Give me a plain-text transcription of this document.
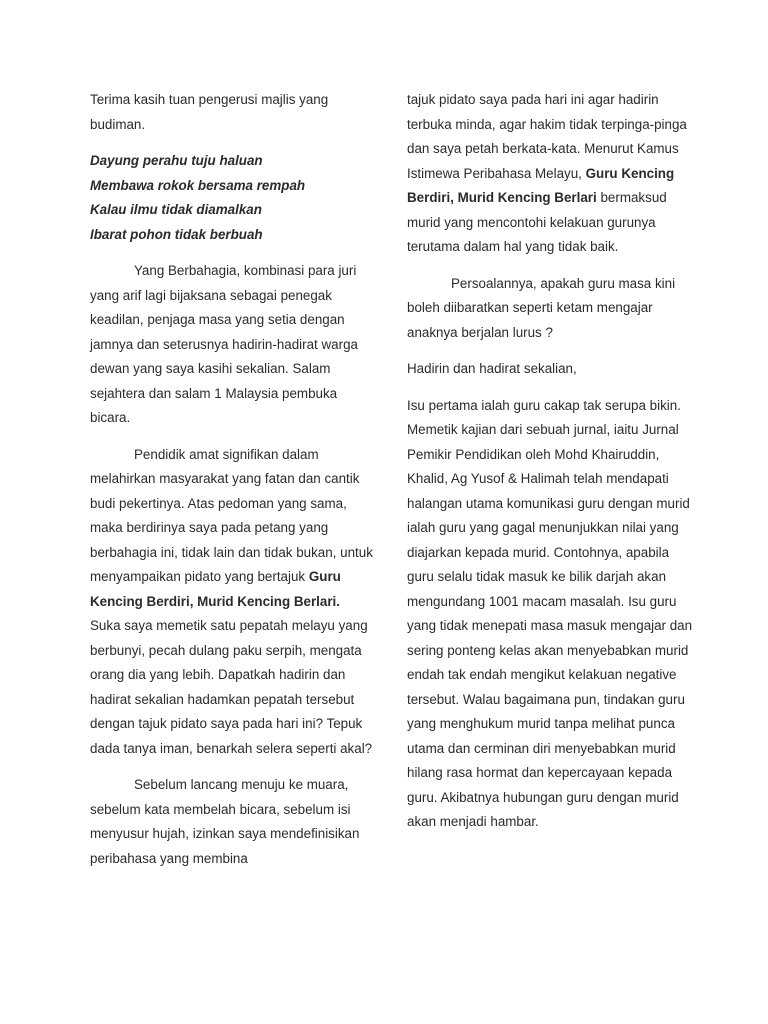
Terima kasih tuan pengerusi majlis yang budiman.

Dayung perahu tuju haluan
Membawa rokok bersama rempah
Kalau ilmu tidak diamalkan
Ibarat pohon tidak berbuah

Yang Berbahagia, kombinasi para juri yang arif lagi bijaksana sebagai penegak keadilan, penjaga masa yang setia dengan jamnya dan seterusnya hadirin-hadirat warga dewan yang saya kasihi sekalian. Salam sejahtera dan salam 1 Malaysia pembuka bicara.

Pendidik amat signifikan dalam melahirkan masyarakat yang fatan dan cantik budi pekertinya. Atas pedoman yang sama, maka berdirinya saya pada petang yang berbahagia ini, tidak lain dan tidak bukan, untuk menyampaikan pidato yang bertajuk Guru Kencing Berdiri, Murid Kencing Berlari. Suka saya memetik satu pepatah melayu yang berbunyi, pecah dulang paku serpih, mengata orang dia yang lebih. Dapatkah hadirin dan hadirat sekalian hadamkan pepatah tersebut dengan tajuk pidato saya pada hari ini? Tepuk dada tanya iman, benarkah selera seperti akal?

Sebelum lancang menuju ke muara, sebelum kata membelah bicara, sebelum isi menyusur hujah, izinkan saya mendefinisikan peribahasa yang membina

tajuk pidato saya pada hari ini agar hadirin terbuka minda, agar hakim tidak terpinga-pinga dan saya petah berkata-kata. Menurut Kamus Istimewa Peribahasa Melayu, Guru Kencing Berdiri, Murid Kencing Berlari bermaksud murid yang mencontohi kelakuan gurunya terutama dalam hal yang tidak baik.

Persoalannya, apakah guru masa kini boleh diibaratkan seperti ketam mengajar anaknya berjalan lurus ?

Hadirin dan hadirat sekalian,

Isu pertama ialah guru cakap tak serupa bikin. Memetik kajian dari sebuah jurnal, iaitu Jurnal Pemikir Pendidikan oleh Mohd Khairuddin, Khalid, Ag Yusof & Halimah telah mendapati halangan utama komunikasi guru dengan murid ialah guru yang gagal menunjukkan nilai yang diajarkan kepada murid. Contohnya, apabila guru selalu tidak masuk ke bilik darjah akan mengundang 1001 macam masalah. Isu guru yang tidak menepati masa masuk mengajar dan sering ponteng kelas akan menyebabkan murid endah tak endah mengikut kelakuan negative tersebut. Walau bagaimana pun, tindakan guru yang menghukum murid tanpa melihat punca utama dan cerminan diri menyebabkan murid hilang rasa hormat dan kepercayaan kepada guru. Akibatnya hubungan guru dengan murid akan menjadi hambar.
